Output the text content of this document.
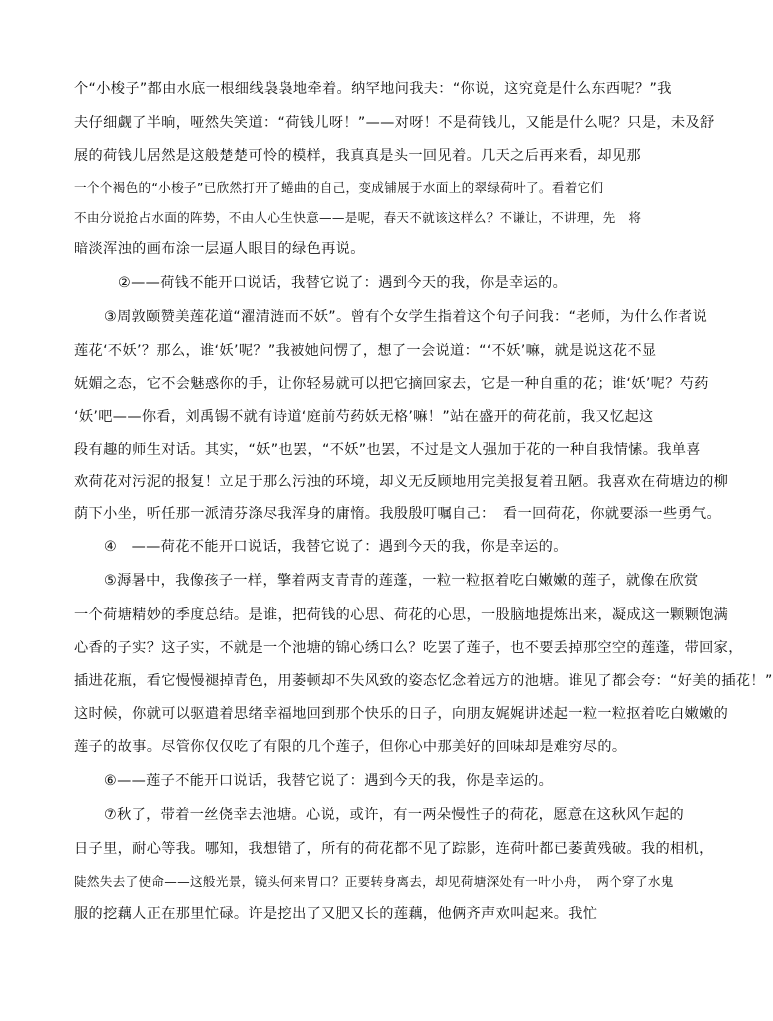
个“小梭子”都由水底一根细线袅袅地牵着。纳罕地问我夫：“你说，这究竟是什么东西呢？”我
夫仔细觑了半晌，哑然失笑道：“荷钱儿呀！”——对呀！不是荷钱儿，又能是什么呢？只是，未及舒
展的荷钱儿居然是这般楚楚可怜的模样，我真真是头一回见着。几天之后再来看，却见那
一个个褐色的“小梭子”已欣然打开了蜷曲的自己，变成铺展于水面上的翠绿荷叶了。看着它们
不由分说抢占水面的阵势，不由人心生快意——是呢，春天不就该这样么？不谦让，不讲理，先　将
暗淡浑浊的画布涂一层逼人眼目的绿色再说。
②——荷钱不能开口说话，我替它说了：遇到今天的我，你是幸运的。
③周敦颐赞美莲花道“濯清涟而不妖”。曾有个女学生指着这个句子问我：“老师，为什么作者说
莲花‘不妖’？那么，谁‘妖’呢？”我被她问愣了，想了一会说道：“‘不妖’嘛，就是说这花不显
妩媚之态，它不会魅惑你的手，让你轻易就可以把它摘回家去，它是一种自重的花；谁‘妖’呢？芍药
‘妖’吧——你看，刘禹锡不就有诗道‘庭前芍药妖无格’嘛！”站在盛开的荷花前，我又忆起这
段有趣的师生对话。其实，“妖”也罢，“不妖”也罢，不过是文人强加于花的一种自我情愫。我单喜
欢荷花对污泥的报复！立足于那么污浊的环境，却义无反顾地用完美报复着丑陋。我喜欢在荷塘边的柳
荫下小坐，听任那一派清芬涤尽我浑身的庸惰。我殷殷叮嘱自己：　看一回荷花，你就要添一些勇气。
④　——荷花不能开口说话，我替它说了：遇到今天的我，你是幸运的。
⑤溽暑中，我像孩子一样，擎着两支青青的莲蓬，一粒一粒抠着吃白嫩嫩的莲子，就像在欣赏
一个荷塘精妙的季度总结。是谁，把荷钱的心思、荷花的心思，一股脑地提炼出来，凝成这一颗颗饱满
心香的子实？这子实，不就是一个池塘的锦心绣口么？吃罢了莲子，也不要丢掉那空空的莲蓬，带回家，
插进花瓶，看它慢慢褪掉青色，用萎顿却不失风致的姿态忆念着远方的池塘。谁见了都会夸：“好美的插花！”
这时候，你就可以驱遣着思绪幸福地回到那个快乐的日子，向朋友娓娓讲述起一粒一粒抠着吃白嫩嫩的
莲子的故事。尽管你仅仅吃了有限的几个莲子，但你心中那美好的回味却是难穷尽的。
⑥——莲子不能开口说话，我替它说了：遇到今天的我，你是幸运的。
⑦秋了，带着一丝侥幸去池塘。心说，或许，有一两朵慢性子的荷花，愿意在这秋风乍起的
日子里，耐心等我。哪知，我想错了，所有的荷花都不见了踪影，连荷叶都已萎黄残破。我的相机，
陡然失去了使命——这般光景，镜头何来胃口？正要转身离去，却见荷塘深处有一叶小舟，　两个穿了水鬼
服的挖藕人正在那里忙碌。许是挖出了又肥又长的莲藕，他俩齐声欢叫起来。我忙
